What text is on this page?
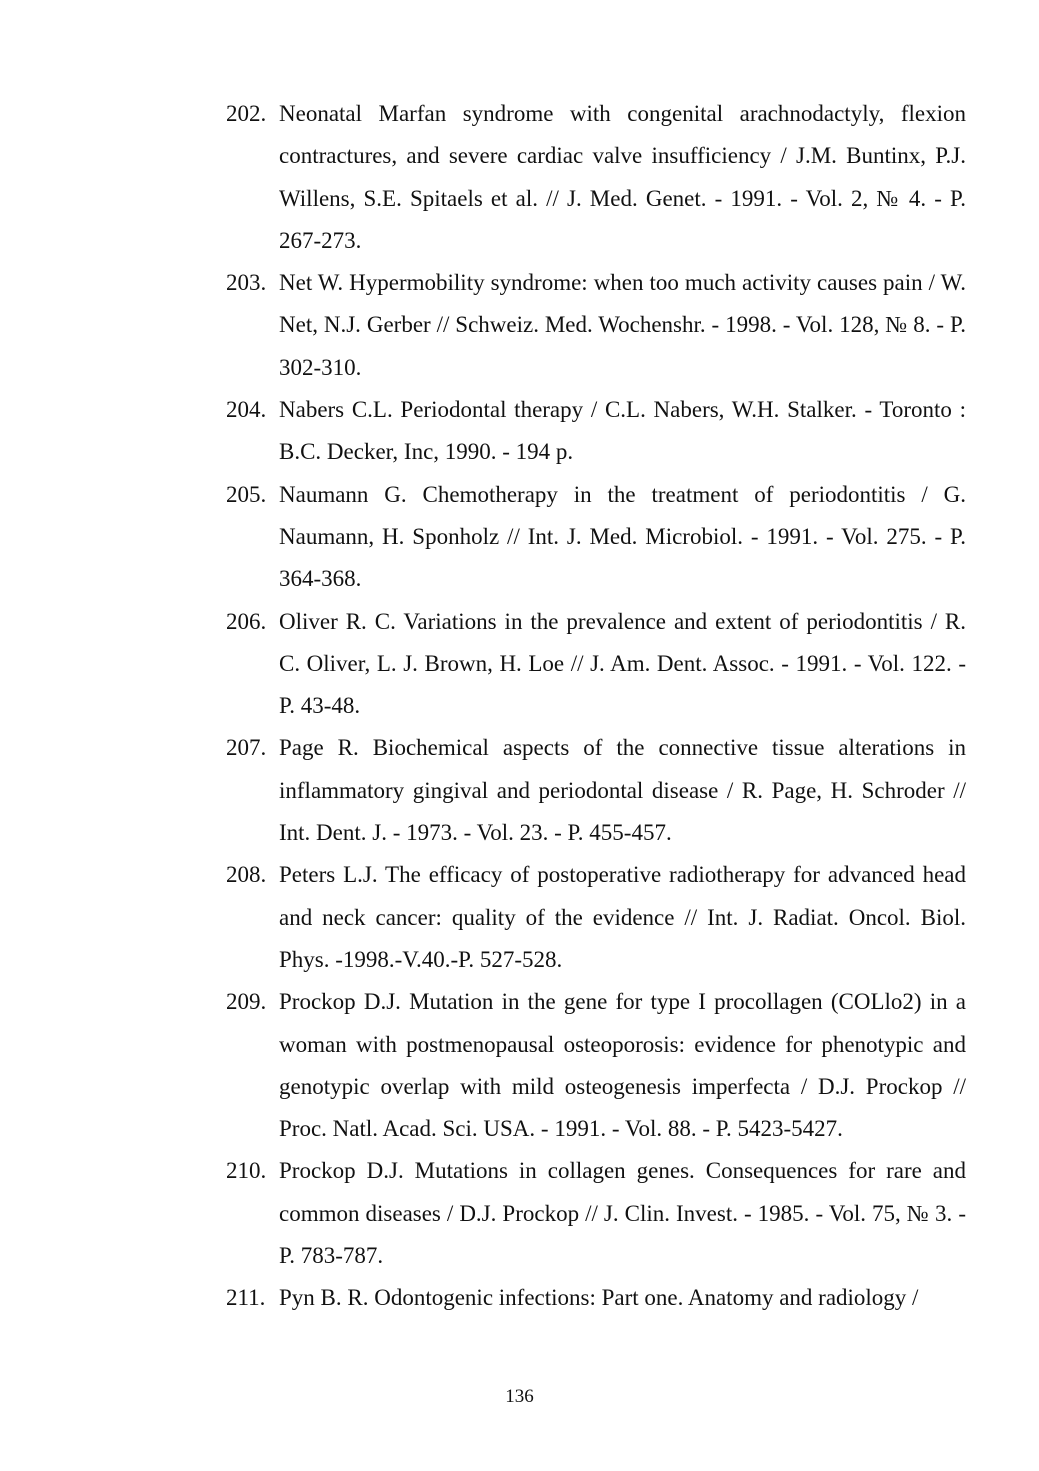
202. Neonatal Marfan syndrome with congenital arachnodactyly, flexion contractures, and severe cardiac valve insufficiency / J.M. Buntinx, P.J. Willens, S.E. Spitaels et al. // J. Med. Genet. - 1991. - Vol. 2, № 4. - P. 267-273.
203. Net W. Hypermobility syndrome: when too much activity causes pain / W. Net, N.J. Gerber // Schweiz. Med. Wochenshr. - 1998. - Vol. 128, № 8. - P. 302-310.
204. Nabers C.L. Periodontal therapy / C.L. Nabers, W.H. Stalker. - Toronto : B.C. Decker, Inc, 1990. - 194 p.
205. Naumann G. Chemotherapy in the treatment of periodontitis / G. Naumann, H. Sponholz // Int. J. Med. Microbiol. - 1991. - Vol. 275. - P. 364-368.
206. Oliver R. C. Variations in the prevalence and extent of periodontitis / R. C. Oliver, L. J. Brown, H. Loe // J. Am. Dent. Assoc. - 1991. - Vol. 122. - P. 43-48.
207. Page R. Biochemical aspects of the connective tissue alterations in inflammatory gingival and periodontal disease / R. Page, H. Schroder // Int. Dent. J. - 1973. - Vol. 23. - P. 455-457.
208. Peters L.J. The efficacy of postoperative radiotherapy for advanced head and neck cancer: quality of the evidence // Int. J. Radiat. Oncol. Biol. Phys. -1998.-V.40.-P. 527-528.
209. Prockop D.J. Mutation in the gene for type I procollagen (COLlo2) in a woman with postmenopausal osteoporosis: evidence for phenotypic and genotypic overlap with mild osteogenesis imperfecta / D.J. Prockop // Proc. Natl. Acad. Sci. USA. - 1991. - Vol. 88. - P. 5423-5427.
210. Prockop D.J. Mutations in collagen genes. Consequences for rare and common diseases / D.J. Prockop // J. Clin. Invest. - 1985. - Vol. 75, № 3. - P. 783-787.
211. Pyn B. R. Odontogenic infections: Part one. Anatomy and radiology /
136
